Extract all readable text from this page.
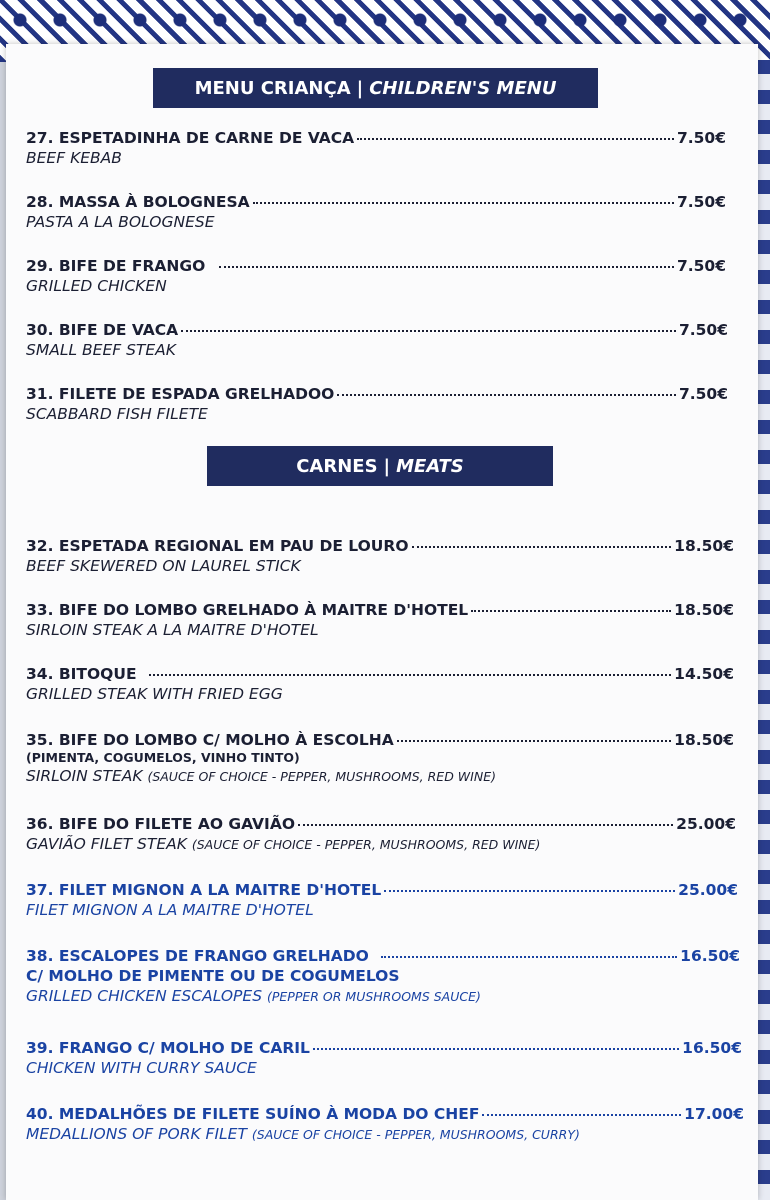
MENU CRIANÇA | CHILDREN'S MENU
CARNES | MEATS
27. ESPETADINHA DE CARNE DE VACA	7.50€
BEEF KEBAB
28. MASSA À BOLOGNESA	7.50€
PASTA A LA BOLOGNESE
29. BIFE DE FRANGO	7.50€
GRILLED CHICKEN
30. BIFE DE VACA	7.50€
SMALL BEEF STEAK
31. FILETE DE ESPADA GRELHADOO	7.50€
SCABBARD FISH FILETE
32. ESPETADA REGIONAL EM PAU DE LOURO	18.50€
BEEF SKEWERED ON LAUREL STICK
33. BIFE DO LOMBO GRELHADO À MAITRE D'HOTEL	18.50€
SIRLOIN STEAK A LA MAITRE D'HOTEL
34. BITOQUE	14.50€
GRILLED STEAK WITH FRIED EGG
35. BIFE DO LOMBO C/ MOLHO À ESCOLHA	18.50€
(PIMENTA, COGUMELOS, VINHO TINTO)
SIRLOIN STEAK (SAUCE OF CHOICE - PEPPER, MUSHROOMS, RED WINE)
36. BIFE DO FILETE AO GAVIÃO	25.00€
GAVIÃO FILET STEAK (SAUCE OF CHOICE - PEPPER, MUSHROOMS, RED WINE)
37. FILET MIGNON A LA MAITRE D'HOTEL	25.00€
FILET MIGNON A LA MAITRE D'HOTEL
38. ESCALOPES DE FRANGO GRELHADO	16.50€
C/ MOLHO DE PIMENTE OU DE COGUMELOS
GRILLED CHICKEN ESCALOPES (PEPPER OR MUSHROOMS SAUCE)
39. FRANGO C/ MOLHO DE CARIL	16.50€
CHICKEN WITH CURRY SAUCE
40. MEDALHÕES DE FILETE SUÍNO À MODA DO CHEF	17.00€
MEDALLIONS OF PORK FILET (SAUCE OF CHOICE - PEPPER, MUSHROOMS, CURRY)
